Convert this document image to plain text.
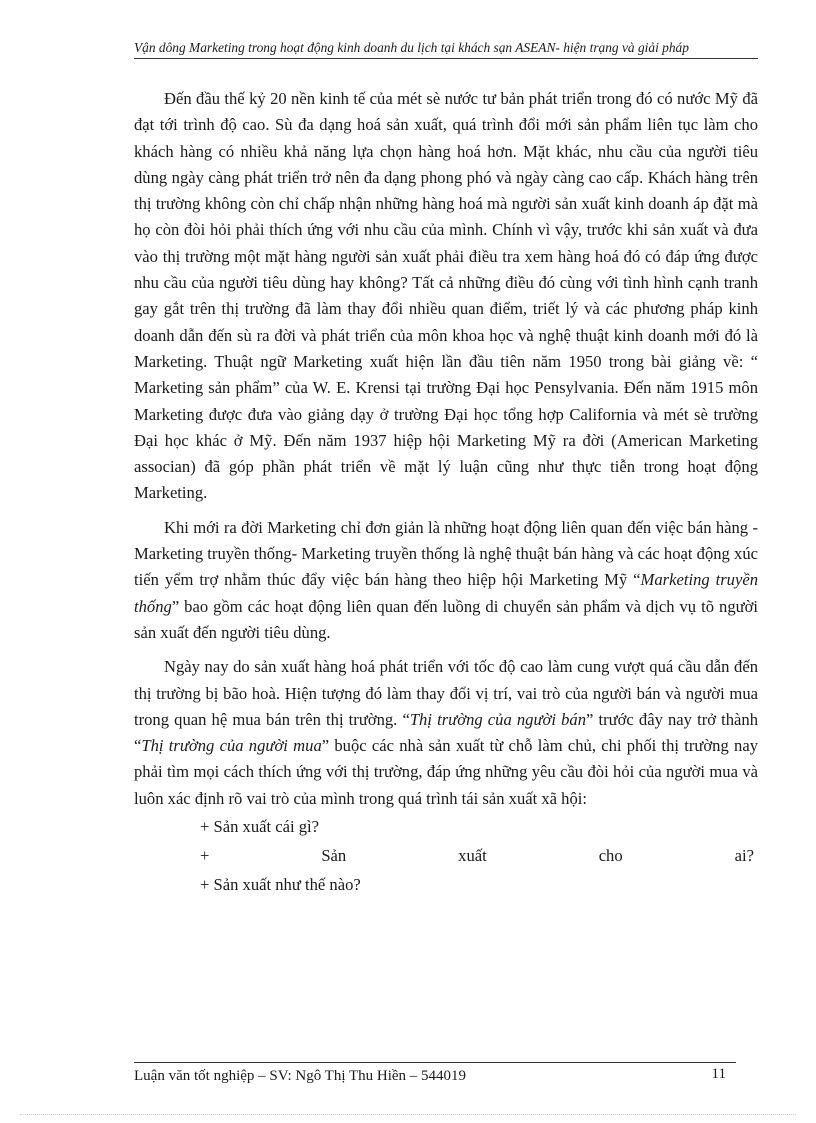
Vận dông Marketing trong hoạt động kinh doanh du lịch tại khách sạn ASEAN- hiện trạng và giải pháp

Đến đầu thế kỷ 20 nền kinh tế của mét sè nước tư bản phát triển trong đó có nước Mỹ đã đạt tới trình độ cao. Sù đa dạng hoá sản xuất, quá trình đổi mới sản phẩm liên tục làm cho khách hàng có nhiều khả năng lựa chọn hàng hoá hơn. Mặt khác, nhu cầu của người tiêu dùng ngày càng phát triển trở nên đa dạng phong phó và ngày càng cao cấp. Khách hàng trên thị trường không còn chỉ chấp nhận những hàng hoá mà người sản xuất kinh doanh áp đặt mà họ còn đòi hỏi phải thích ứng với nhu cầu của mình. Chính vì vậy, trước khi sản xuất và đưa vào thị trường một mặt hàng người sản xuất phải điều tra xem hàng hoá đó có đáp ứng được nhu cầu của người tiêu dùng hay không? Tất cả những điều đó cùng với tình hình cạnh tranh gay gắt trên thị trường đã làm thay đổi nhiều quan điểm, triết lý và các phương pháp kinh doanh dẫn đến sù ra đời và phát triển của môn khoa học và nghệ thuật kinh doanh mới đó là Marketing. Thuật ngữ Marketing xuất hiện lần đầu tiên năm 1950 trong bài giảng về: “ Marketing sản phẩm” của W. E. Krensi tại trường Đại học Pensylvania. Đến năm 1915 môn Marketing được đưa vào giảng dạy ở trường Đại học tổng hợp California và mét sè trường Đại học khác ở Mỹ. Đến năm 1937 hiệp hội Marketing Mỹ ra đời (American Marketing associan) đã góp phần phát triển về mặt lý luận cũng như thực tiễn trong hoạt động Marketing.

Khi mới ra đời Marketing chỉ đơn giản là những hoạt động liên quan đến việc bán hàng - Marketing truyền thống- Marketing truyền thống là nghệ thuật bán hàng và các hoạt động xúc tiến yểm trợ nhằm thúc đẩy việc bán hàng theo hiệp hội Marketing Mỹ “Marketing truyền thống” bao gồm các hoạt động liên quan đến luồng di chuyển sản phẩm và dịch vụ tõ người sản xuất đến người tiêu dùng.

Ngày nay do sản xuất hàng hoá phát triển với tốc độ cao làm cung vượt quá cầu dẫn đến thị trường bị bão hoà. Hiện tượng đó làm thay đổi vị trí, vai trò của người bán và người mua trong quan hệ mua bán trên thị trường. “Thị trường của người bán” trước đây nay trở thành “Thị trường của người mua” buộc các nhà sản xuất từ chỗ làm chủ, chi phối thị trường nay phải tìm mọi cách thích ứng với thị trường, đáp ứng những yêu cầu đòi hỏi của người mua và luôn xác định rõ vai trò của mình trong quá trình tái sản xuất xã hội:

+ Sản xuất cái gì?
+	Sản	xuất	cho	ai?
+ Sản xuất như thế nào?
Luận văn tốt nghiệp – SV: Ngô Thị Thu Hiền – 544019	11
